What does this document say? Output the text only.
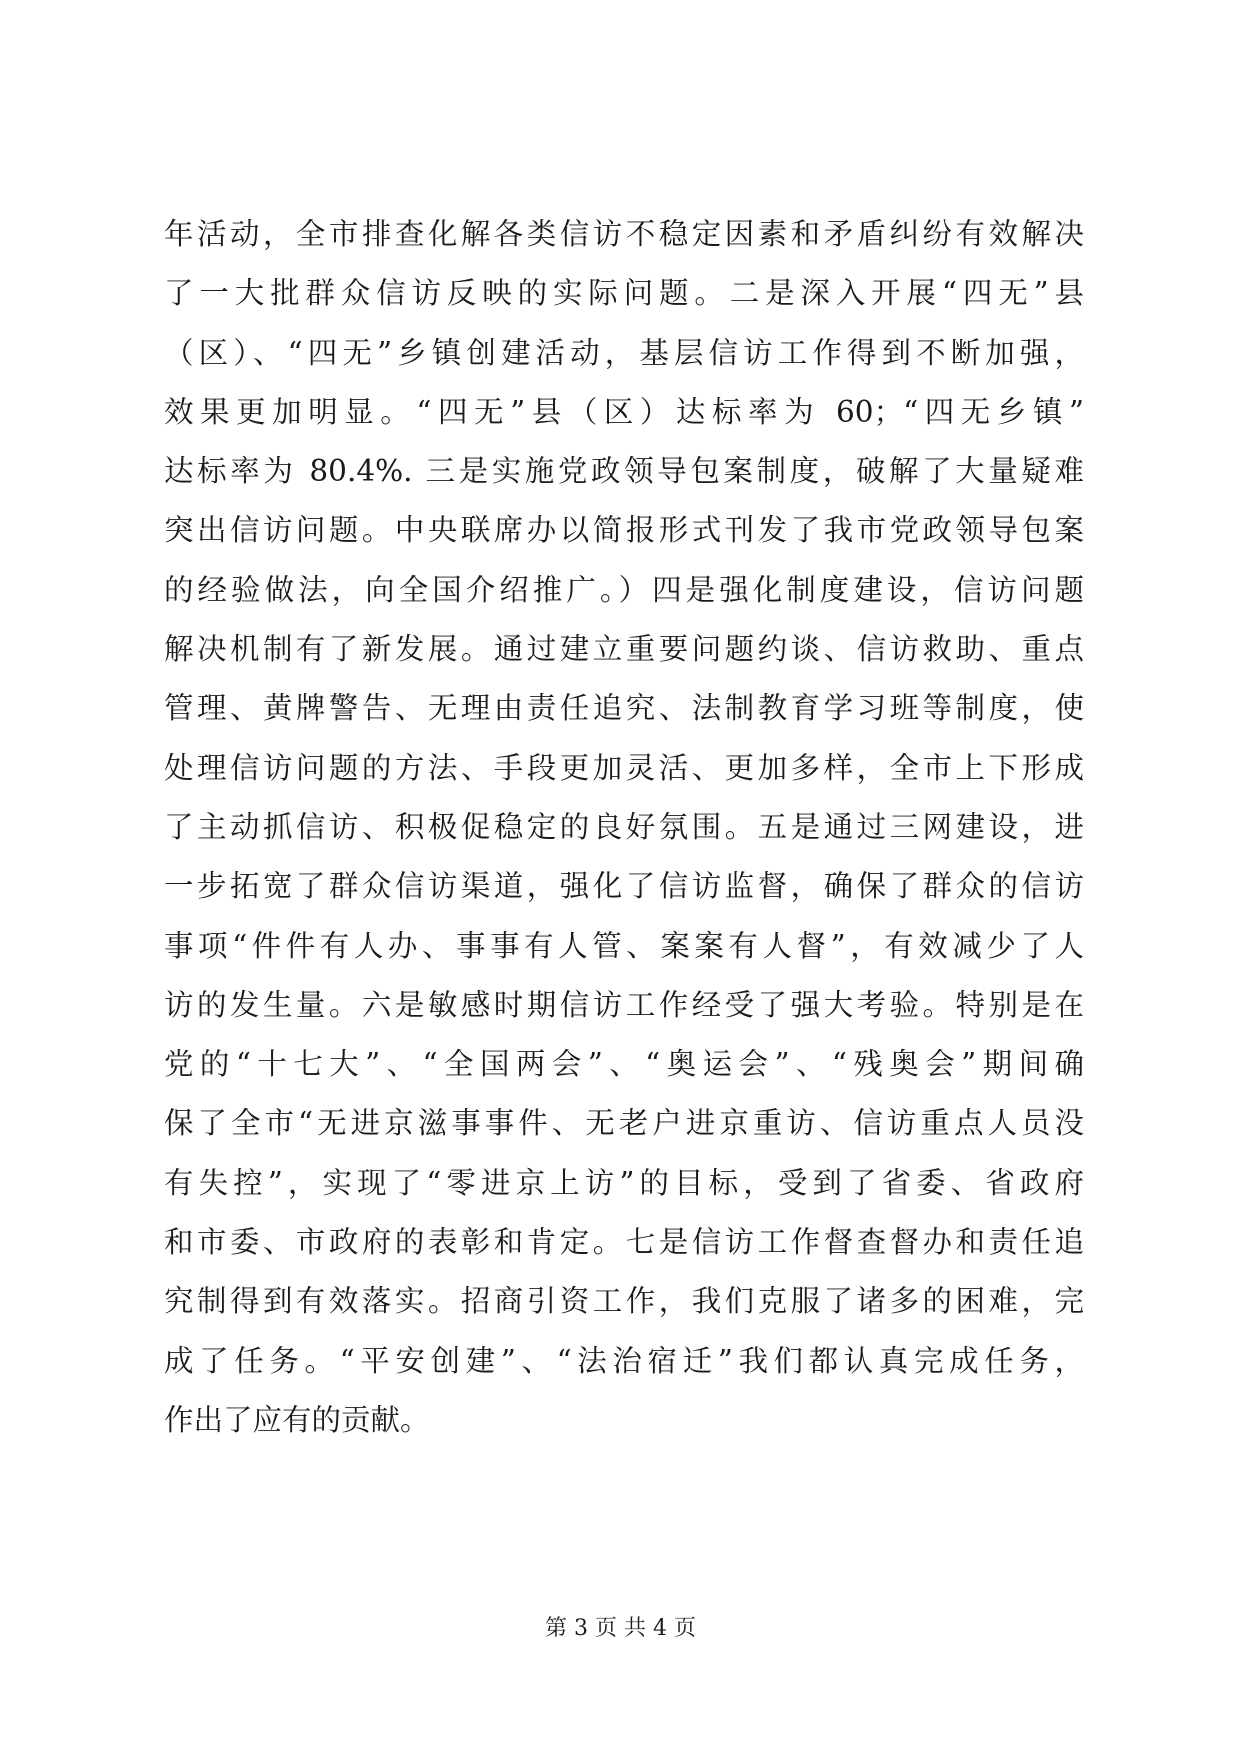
年活动，全市排查化解各类信访不稳定因素和矛盾纠纷有效解决
了一大批群众信访反映的实际问题。二是深入开展“四无”县
（区）、“四无”乡镇创建活动，基层信访工作得到不断加强，
效果更加明显。“四无”县（区）达标率为 60；“四无乡镇”
达标率为 80.4%. 三是实施党政领导包案制度，破解了大量疑难
突出信访问题。中央联席办以简报形式刊发了我市党政领导包案
的经验做法，向全国介绍推广。）四是强化制度建设，信访问题
解决机制有了新发展。通过建立重要问题约谈、信访救助、重点
管理、黄牌警告、无理由责任追究、法制教育学习班等制度，使
处理信访问题的方法、手段更加灵活、更加多样，全市上下形成
了主动抓信访、积极促稳定的良好氛围。五是通过三网建设，进
一步拓宽了群众信访渠道，强化了信访监督，确保了群众的信访
事项“件件有人办、事事有人管、案案有人督”，有效减少了人
访的发生量。六是敏感时期信访工作经受了强大考验。特别是在
党的“十七大”、“全国两会”、“奥运会”、“残奥会”期间确
保了全市“无进京滋事事件、无老户进京重访、信访重点人员没
有失控”，实现了“零进京上访”的目标，受到了省委、省政府
和市委、市政府的表彰和肯定。七是信访工作督查督办和责任追
究制得到有效落实。招商引资工作，我们克服了诸多的困难，完
成了任务。“平安创建”、“法治宿迁”我们都认真完成任务，
作出了应有的贡献。
第 3 页 共 4 页
